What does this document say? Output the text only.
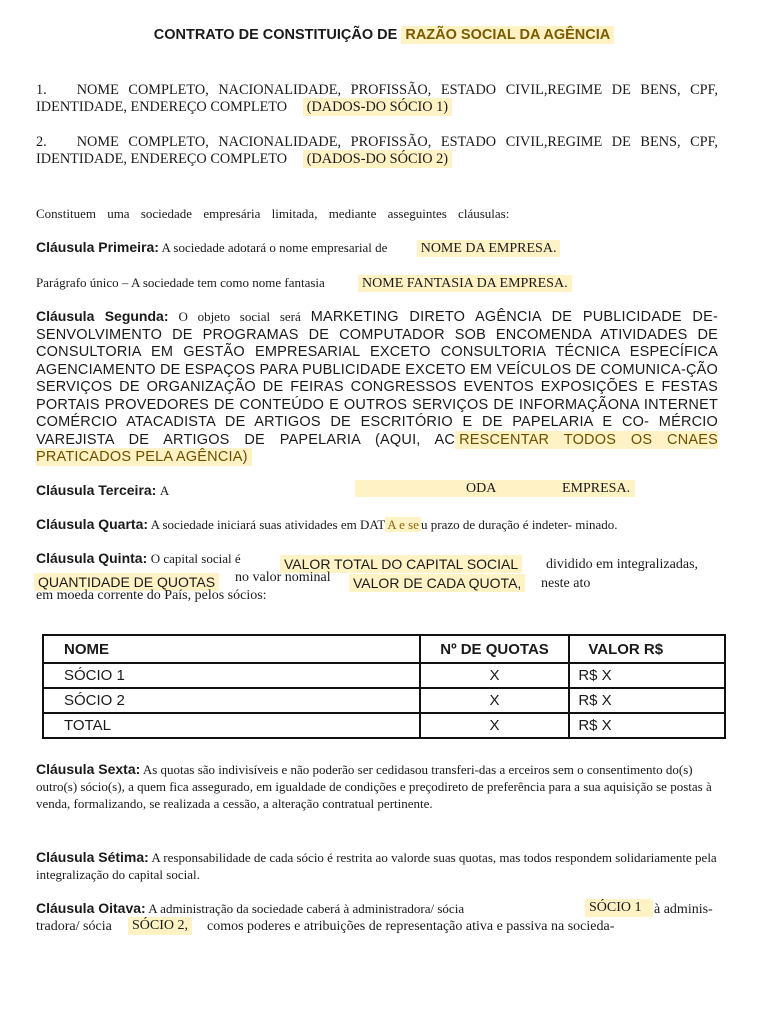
CONTRATO DE CONSTITUIÇÃO DE RAZÃO SOCIAL DA AGÊNCIA
1. NOME COMPLETO, NACIONALIDADE, PROFISSÃO, ESTADO CIVIL,REGIME DE BENS, CPF, IDENTIDADE, ENDEREÇO COMPLETO (DADOS-DO SÓCIO 1)
2. NOME COMPLETO, NACIONALIDADE, PROFISSÃO, ESTADO CIVIL,REGIME DE BENS, CPF, IDENTIDADE, ENDEREÇO COMPLETO (DADOS-DO SÓCIO 2)
Constituem uma sociedade empresária limitada, mediante asseguintes cláusulas:
Cláusula Primeira: A sociedade adotará o nome empresarial de NOME DA EMPRESA.
Parágrafo único – A sociedade tem como nome fantasia	NOME FANTASIA DA EMPRESA.
Cláusula Segunda: O objeto social será MARKETING DIRETO AGÊNCIA DE PUBLICIDADE DE-SENVOLVIMENTO DE PROGRAMAS DE COMPUTADOR SOB ENCOMENDA ATIVIDADES DE CONSULTORIA EM GESTÃO EMPRESARIAL EXCETO CONSULTORIA TÉCNICA ESPECÍFICA AGENCIAMENTO DE ESPAÇOS PARA PUBLICIDADE EXCETO EM VEÍCULOS DE COMUNICA-ÇÃO SERVIÇOS DE ORGANIZAÇÃO DE FEIRAS CONGRESSOS EVENTOS EXPOSIÇÕES E FESTAS PORTAIS PROVEDORES DE CONTEÚDO E OUTROS SERVIÇOS DE INFORMAÇÃONA INTERNET COMÉRCIO ATACADISTA DE ARTIGOS DE ESCRITÓRIO E DE PAPELARIA E CO- MÉRCIO VAREJISTA DE ARTIGOS DE PAPELARIA (AQUI, AC RESCENTAR TODOS OS CNAES PRATICADOS PELA AGÊNCIA)
Cláusula Terceira: A	ODA	EMPRESA.
Cláusula Quarta: A sociedade iniciará suas atividades em DAT A e se u prazo de duração é indeter- minado.
Cláusula Quinta: O capital social é	VALOR TOTAL DO CAPITAL SOCIAL dividido em integralizadas,
QUANTIDADE DE QUOTAS no valor nominal VALOR DE CADA QUOTA, neste ato
em moeda corrente do País, pelos sócios:
NOME	Nº DE QUOTAS	VALOR R$
SÓCIO 1	X	R$ X
SÓCIO 2	X	R$ X
TOTAL	X	R$ X
Cláusula Sexta: As quotas são indivisíveis e não poderão ser cedidasou transferi-das a erceiros sem o consentimento do(s) outro(s) sócio(s), a quem fica assegurado, em igualdade de condições e preçodireto de preferência para a sua aquisição se postas à venda, formalizando, se realizada a cessão, a alteração contratual pertinente.
Cláusula Sétima: A responsabilidade de cada sócio é restrita ao valorde suas quotas, mas todos respondem solidariamente pela integralização do capital social.
Cláusula Oitava: A administração da sociedade caberá à administradora/ sócia	SÓCIO 1 à adminis-
tradora/ sócia SÓCIO 2, comos poderes e atribuições de representação ativa e passiva na socieda-
